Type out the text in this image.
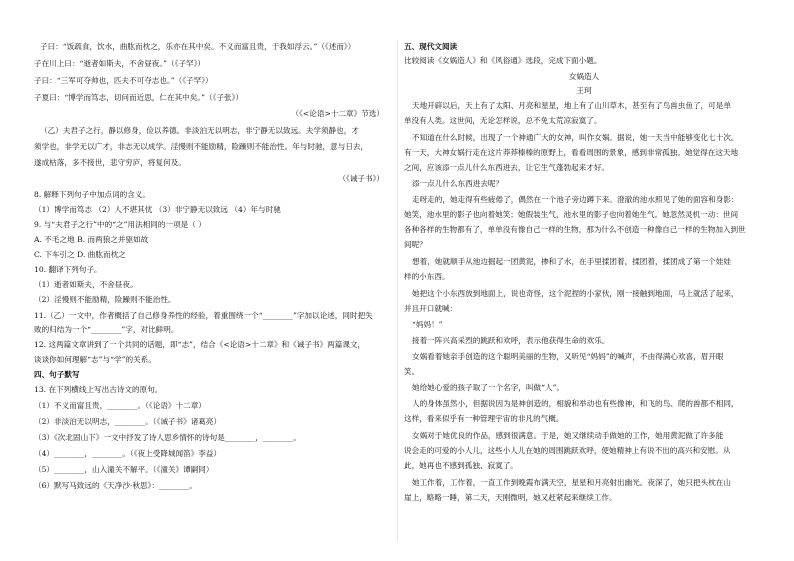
子曰：“饭疏食，饮水，曲肱而枕之，乐亦在其中矣。不义而富且贵，于我如浮云。”（《述而》）
子在川上曰：“逝者如斯夫，不舍昼夜。”（《子罕》）
子曰：“三军可夺帅也，匹夫不可夺志也。”（《子罕》）
子夏曰：“博学而笃志，切问而近思，仁在其中矣。”（《子张》）
（《<论语>十二章》节选）
（乙）夫君子之行，静以修身，俭以养德。非淡泊无以明志，非宁静无以致远。夫学须静也，才
须学也，非学无以广才，非志无以成学。淫慢则不能励精，险躁则不能治性。年与时驰，意与日去，
遂成枯落，多不接世，悲守穷庐，将复何及。
（《诫子书》）
8. 解释下列句子中加点词的含义。
（1）博学而笃志 （2）人不堪其忧 （3）非宁静无以致远 （4）年与时驰
9. 与“夫君子之行”中的“之”用法相同的一项是（ ）
A. 不毛之地 B. 而两狼之并驱如故
C. 下车引之 D. 曲肱而枕之
10. 翻译下列句子。
（1）逝者如斯夫，不舍昼夜。
（2）淫慢则不能励精，险躁则不能治性。
11.（乙）一文中，作者概括了自己修身养性的经验，着重围绕一个“________”字加以论述，同时把失
败的归结为一个“________”字，对比鲜明。
12. 这两篇文章讲到了一个共同的话题，即“志”，结合《<论语>十二章》和《诫子书》两篇课文，
谈谈你如何理解“志”与“学”的关系。
四、句子默写
13. 在下列横线上写出古诗文的原句。
（1）不义而富且贵，________。（《论语》十二章）
（2）非淡泊无以明志，________。（《诫子书》诸葛亮）
（3）《次北固山下》一文中抒发了诗人思乡情怀的诗句是________，________。
（4）________，________。（《夜上受降城闻笛》李益）
（5）________，山入潼关不解平。（《潼关》谭嗣同）
（6）默写马致远的《天净沙·秋思》：________。
五、现代文阅读
比较阅读《女娲造人》和《风俗通》选段，完成下面小题。
女娲造人
王珂
天地开辟以后，天上有了太阳、月亮和星星，地上有了山川草木，甚至有了鸟兽虫鱼了，可是单
单没有人类。这世间，无论怎样说，总不免太荒凉寂寞了。
不知道在什么时候，出现了一个神通广大的女神，叫作女娲。据说，她一天当中能够变化七十次。
有一天，大神女娲行走在这片莽莽榛榛的原野上，看看周围的景象，感到非常孤独。她觉得在这天地
之间，应该添一点儿什么东西进去，让它生气蓬勃起来才好。
添一点儿什么东西进去呢？
走呀走的，她走得有些疲倦了，偶然在一个池子旁边蹲下来。澄澈的池水照见了她的面容和身影：
她笑，池水里的影子也向着她笑；她假装生气，池水里的影子也向着她生气。她忽然灵机一动：世间
各种各样的生物都有了，单单没有像自己一样的生物，那为什么不创造一种像自己一样的生物加入到世
间呢？
想着，她就顺手从池边掘起一团黄泥，掺和了水，在手里揉团着，揉团着，揉团成了第一个娃娃
样的小东西。
她把这个小东西放到地面上，说也奇怪，这个泥捏的小家伙，刚一接触到地面，马上就活了起来，
并且开口就喊：
“妈妈！”
接着一阵兴高采烈的跳跃和欢呼，表示他获得生命的欢乐。
女娲看着她亲手创造的这个聪明美丽的生物，又听见“妈妈”的喊声，不由得满心欢喜，眉开眼
笑。
她给她心爱的孩子取了一个名字，叫做“人”。
人的身体虽然小，但据说因为是神创造的，相貌和举动也有些像神，和飞的鸟、爬的兽都不相同，
这样，看来似乎有一种管理宇宙的非凡的气概。
女娲对于她优良的作品，感到很满意。于是，她又继续动手做她的工作，她用黄泥做了许多能
说会走的可爱的小人儿，这些小人儿在她的周围跳跃欢呼，使她精神上有说不出的高兴和安慰。从
此，她再也不感到孤独、寂寞了。
她工作着，工作着，一直工作到晚霞布满天空，星星和月亮射出幽光。夜深了，她只把头枕在山
崖上，略略一睡，第二天，天刚微明，她又赶紧起来继续工作。
